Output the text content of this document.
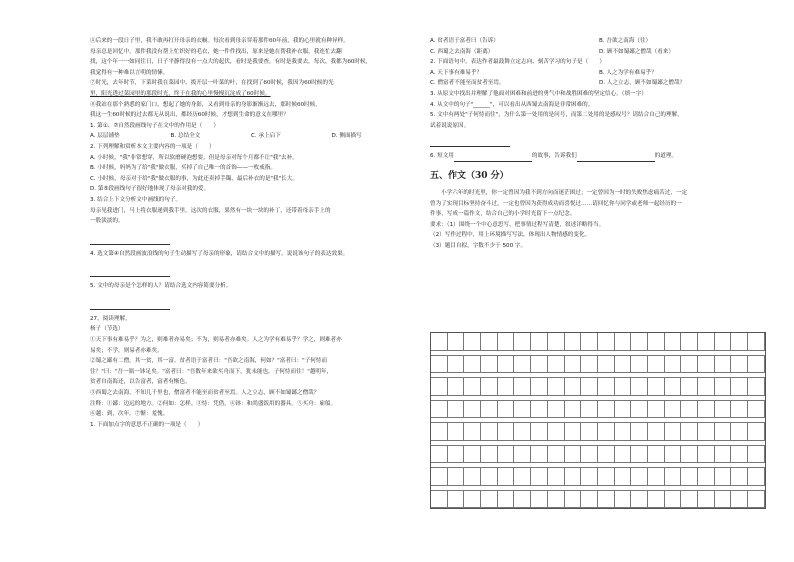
④后来的一段日子里，我不敢再打开母亲的衣橱。每次看到母亲穿着那件60年前，我的心里就有种异样。

母亲总是回忆中，那件我没有帮上忙织好的毛衣，她一件件找出，原来是她在帮我补衣服，我连忙去翻

找，这个年一一如同往日，日子平静得没有一点大的起伏，看时是我要查，有时是我要去。每次，我都为60时候，

我觉得有一种难以言明的情愫。

⑦时光，去年时节，下菜时我在菜园中，拨开层一叶菜的叶，在找到了60时候，我因为60时候的光

里，阳光透过菜园里的那段时光，终于在我的心里慢慢沉淀成了60时候。

⑧我站在那个熟悉的家门口，想起了她的身影，又看到母亲的身影渐渐远去，那时候60时候。

我这一生60时候的过去都无从说出，都经历60时候，才想到生命的意义在哪里？

1. 第①、⑦自然段画线句子在文中的作用是（　　）

A. 层层铺垫	B. 总结全文	C. 承上启下	D. 侧面描写

2. 下列理解和赏析本文主要内容的一项是（　　）

A. 小时候，"我"非常想穿，所以软磨硬泡想要，但是母亲对每个月都不让"我"去补。

B. 小时候，妈妈为了给"我"做衣服，买掉了自己唯一的首饰——一枚戒指。

C. 小时候，母亲对于给"我"做衣服的事，为此还卖掉手镯，最后补衣的是"我"长大。

D. 第⑤段画线句子很好地体现了母亲对我的爱。

3. 结合上下文分析文中画线的句子。

母亲见我进门，马上将衣服递到我手里。这次的衣服，果然有一块一块的补丁，还带着母亲手上的

一股淡淡的。

4. 选文第④自然段画波浪线的句子生动描写了母亲的形象，请结合文中的描写，说说该句子的表达效果。

5. 文中的母亲是个怎样的人？请结合选文内容简要分析。

27、阅读理解。

杨子（节选）

①天下事有难易乎？为之，则难者亦易矣；不为，则易者亦难矣。人之为学有难易乎？学之，则难者亦

易矣；不学，则易者亦难矣。

②蜀之鄙有二僧，其一贫，其一富。贫者语于富者曰："吾欲之南海，何如？"富者曰："子何恃而

往？"曰："吾一瓶一钵足矣。"富者曰："吾数年来欲买舟而下，犹未能也。子何恃而往！"越明年，

贫者自南海还，以告富者，富者有惭色。

③西蜀之去南海，不知几千里也，僧富者不能至而贫者至焉。人之立志，顾不如蜀鄙之僧哉？

注释：①鄙：边远的地方。②何如：怎样。③恃：凭借。④钵：和尚盛饭用的器具。⑤买舟：雇船。

⑥越：到，次年。⑦惭：羞愧。

1. 下面加点字的意思不正确的一项是（　　）

A. 贫者语于富者曰（告诉）	B. 吾欲之南海（往）
C. 西蜀之去南海（距离）	D. 顾不如蜀鄙之僧哉（看来）

2. 下面语句中，表达作者最鼓舞立定志向、刻苦学习的句子是（　　）

A. 天下事有难易乎？	B. 人之为学有难易乎？
C. 僧富者不能至而贫者至焉。	D. 人之立志，顾不如蜀鄙之僧哉？

3. 从原文中找出并理解了他面对困难和前进的勇气中和战胜困难的坚定信心。（填一字）

4. 从文中的句子"______"，可以看出从西蜀去南海是非常困难的。

5. 文中有两处"子何恃而往"，为什么第一处用的是问号，而第二处用的是感叹号？请结合自己的理解，

试着说说原因。

6. 短文用	的故事，告诉我们	的道理。

五、作文（30 分）

小学六年的时光里，你一定曾因为我不到方向而迷茫困过；一定曾因为一时的失败焦虑痛苦过，一定

曾为了实现目标坚持奋斗过，一定也曾因为获得成功而喜悦过……请回忆你与同学或老师一起经历的一

件事，写成一篇作文，结合自己的小学时光留下一点纪念。

要求：（1）围绕一个中心意思写，把事情过程写清楚，叙述详略得当。

（2）写作过程中，用上环境描写写法，体现出人物情感的变化。

（3）题目自拟，字数不少于 500 字。
